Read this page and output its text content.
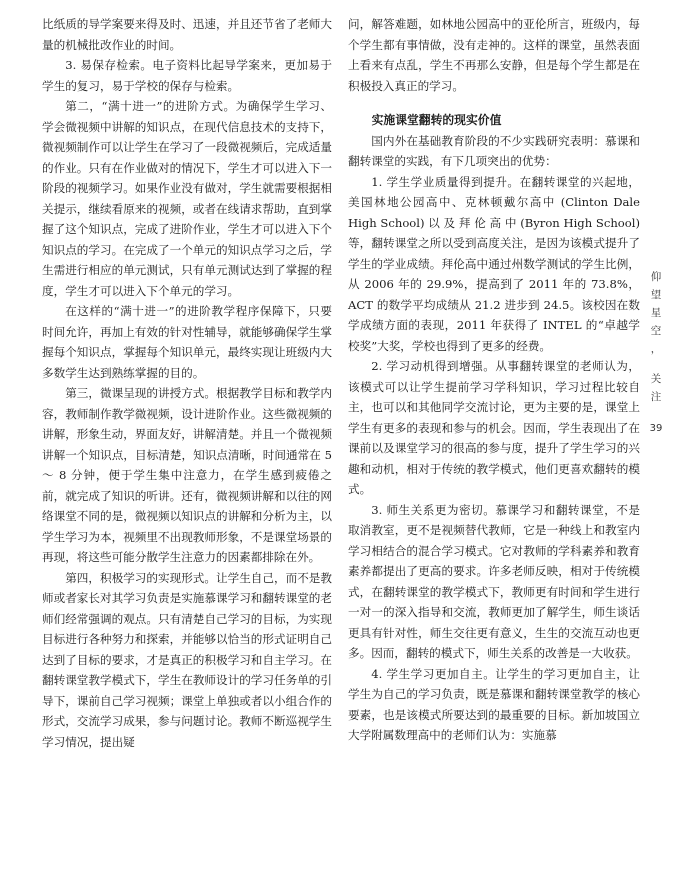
比纸质的导学案要来得及时、迅速，并且还节省了老师大量的机械批改作业的时间。

3. 易保存检索。电子资料比起导学案来，更加易于学生的复习，易于学校的保存与检索。

第二，“满十进一”的进阶方式。为确保学生学习、学会微视频中讲解的知识点，在现代信息技术的支持下，微视频制作可以让学生在学习了一段微视频后，完成适量的作业。只有在作业做对的情况下，学生才可以进入下一阶段的视频学习。如果作业没有做对，学生就需要根据相关提示，继续看原来的视频，或者在线请求帮助，直到掌握了这个知识点，完成了进阶作业，学生才可以进入下个知识点的学习。在完成了一个单元的知识点学习之后，学生需进行相应的单元测试，只有单元测试达到了掌握的程度，学生才可以进入下个单元的学习。

在这样的“满十进一”的进阶教学程序保障下，只要时间允许，再加上有效的针对性辅导，就能够确保学生掌握每个知识点，掌握每个知识单元，最终实现让班级内大多数学生达到熟练掌握的目的。

第三，微课呈现的讲授方式。根据教学目标和教学内容，教师制作教学微视频，设计进阶作业。这些微视频的讲解，形象生动，界面友好，讲解清楚。并且一个微视频讲解一个知识点，目标清楚，知识点清晰，时间通常在 5 ～ 8 分钟，便于学生集中注意力，在学生感到疲倦之前，就完成了知识的听讲。还有，微视频讲解和以往的网络课堂不同的是，微视频以知识点的讲解和分析为主，以学生学习为本，视频里不出现教师形象，不是课堂场景的再现，将这些可能分散学生注意力的因素都排除在外。

第四，积极学习的实现形式。让学生自己，而不是教师或者家长对其学习负责是实施慕课学习和翻转课堂的老师们经常强调的观点。只有清楚自己学习的目标，为实现目标进行各种努力和探索，并能够以恰当的形式证明自己达到了目标的要求，才是真正的积极学习和自主学习。在翻转课堂教学模式下，学生在教师设计的学习任务单的引导下，课前自己学习视频；课堂上单独或者以小组合作的形式，交流学习成果，参与问题讨论。教师不断巡视学生学习情况，提出疑

问，解答难题，如林地公园高中的亚伦所言，班级内，每个学生都有事情做，没有走神的。这样的课堂，虽然表面上看来有点乱，学生不再那么安静，但是每个学生都是在积极投入真正的学习。

实施课堂翻转的现实价值

国内外在基础教育阶段的不少实践研究表明：慕课和翻转课堂的实践，有下几项突出的优势：

1. 学生学业质量得到提升。在翻转课堂的兴起地，美国林地公园高中、克林顿戴尔高中 (Clinton Dale High School) 以 及 拜 伦 高 中 (Byron High School) 等，翻转课堂之所以受到高度关注，是因为该模式提升了学生的学业成绩。拜伦高中通过州数学测试的学生比例，从 2006 年的 29.9%，提高到了 2011 年的 73.8%，ACT 的数学平均成绩从 21.2 进步到 24.5。该校因在数学成绩方面的表现，2011 年获得了 INTEL 的“卓越学校奖”大奖，学校也得到了更多的经费。

2. 学习动机得到增强。从事翻转课堂的老师认为，该模式可以让学生提前学习学科知识，学习过程比较自主，也可以和其他同学交流讨论，更为主要的是，课堂上学生有更多的表现和参与的机会。因而，学生表现出了在课前以及课堂学习的很高的参与度，提升了学生学习的兴趣和动机，相对于传统的教学模式，他们更喜欢翻转的模式。

3. 师生关系更为密切。慕课学习和翻转课堂，不是取消教室，更不是视频替代教师，它是一种线上和教室内学习相结合的混合学习模式。它对教师的学科素养和教育素养都提出了更高的要求。许多老师反映，相对于传统模式，在翻转课堂的教学模式下，教师更有时间和学生进行一对一的深入指导和交流，教师更加了解学生，师生谈话更具有针对性，师生交往更有意义，生生的交流互动也更多。因而，翻转的模式下，师生关系的改善是一大收获。

4. 学生学习更加自主。让学生的学习更加自主，让学生为自己的学习负责，既是慕课和翻转课堂教学的核心要素，也是该模式所要达到的最重要的目标。新加坡国立大学附属数理高中的老师们认为：实施慕

仰
望
星
空
，
关
注
39
